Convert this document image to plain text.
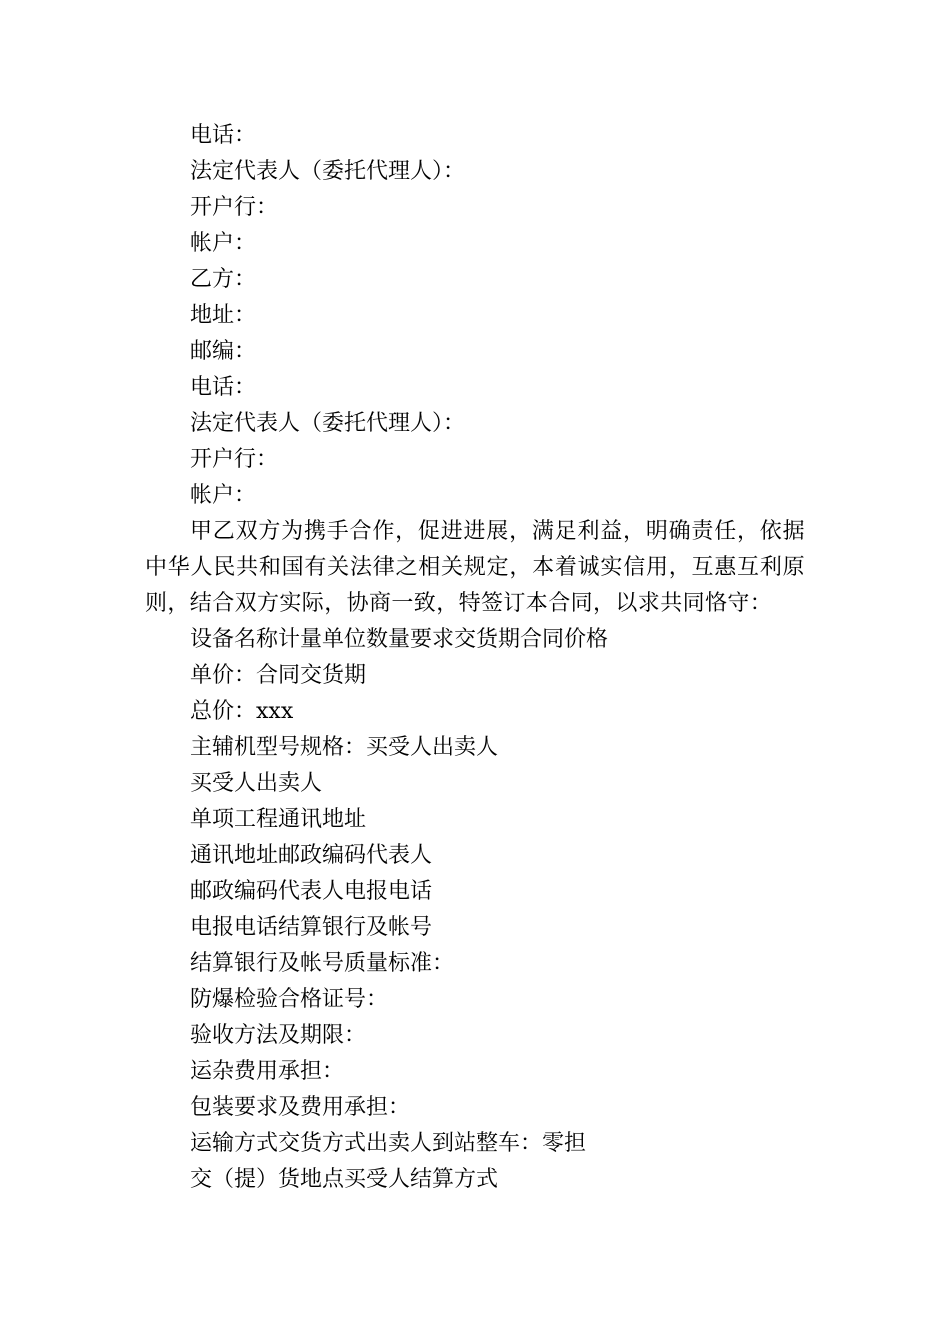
电话：
法定代表人（委托代理人）：
开户行：
帐户：
乙方：
地址：
邮编：
电话：
法定代表人（委托代理人）：
开户行：
帐户：
甲乙双方为携手合作，促进进展，满足利益，明确责任，依据中华人民共和国有关法律之相关规定，本着诚实信用，互惠互利原则，结合双方实际，协商一致，特签订本合同，以求共同恪守：
设备名称计量单位数量要求交货期合同价格
单价：合同交货期
总价：xxx
主辅机型号规格：买受人出卖人
买受人出卖人
单项工程通讯地址
通讯地址邮政编码代表人
邮政编码代表人电报电话
电报电话结算银行及帐号
结算银行及帐号质量标准：
防爆检验合格证号：
验收方法及期限：
运杂费用承担：
包装要求及费用承担：
运输方式交货方式出卖人到站整车：零担
交（提）货地点买受人结算方式
